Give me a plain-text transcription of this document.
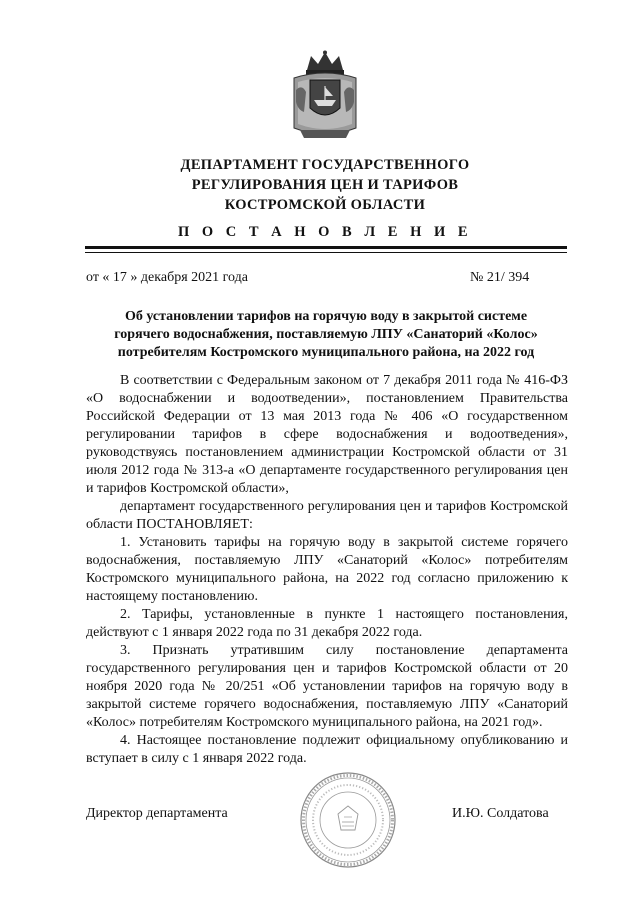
ДЕПАРТАМЕНТ ГОСУДАРСТВЕННОГО
РЕГУЛИРОВАНИЯ ЦЕН И ТАРИФОВ
КОСТРОМСКОЙ ОБЛАСТИ
П О С Т А Н О В Л Е Н И Е
от « 17 » декабря 2021 года	№ 21/ 394
Об установлении тарифов на горячую воду в закрытой системе
горячего водоснабжения, поставляемую ЛПУ «Санаторий «Колос»
потребителям Костромского муниципального района, на 2022 год

В соответствии с Федеральным законом от 7 декабря 2011 года № 416-ФЗ «О водоснабжении и водоотведении», постановлением Правительства Российской Федерации от 13 мая 2013 года № 406 «О государственном регулировании тарифов в сфере водоснабжения и водоотведения», руководствуясь постановлением администрации Костромской области от 31 июля 2012 года № 313-а «О департаменте государственного регулирования цен и тарифов Костромской области»,

департамент государственного регулирования цен и тарифов Костромской области ПОСТАНОВЛЯЕТ:

1. Установить тарифы на горячую воду в закрытой системе горячего водоснабжения, поставляемую ЛПУ «Санаторий «Колос» потребителям Костромского муниципального района, на 2022 год согласно приложению к настоящему постановлению.

2. Тарифы, установленные в пункте 1 настоящего постановления, действуют с 1 января 2022 года по 31 декабря 2022 года.

3. Признать утратившим силу постановление департамента государственного регулирования цен и тарифов Костромской области от 20 ноября 2020 года № 20/251 «Об установлении тарифов на горячую воду в закрытой системе горячего водоснабжения, поставляемую ЛПУ «Санаторий «Колос» потребителям Костромского муниципального района, на 2021 год».

4. Настоящее постановление подлежит официальному опубликованию и вступает в силу с 1 января 2022 года.

Директор департамента	И.Ю. Солдатова
